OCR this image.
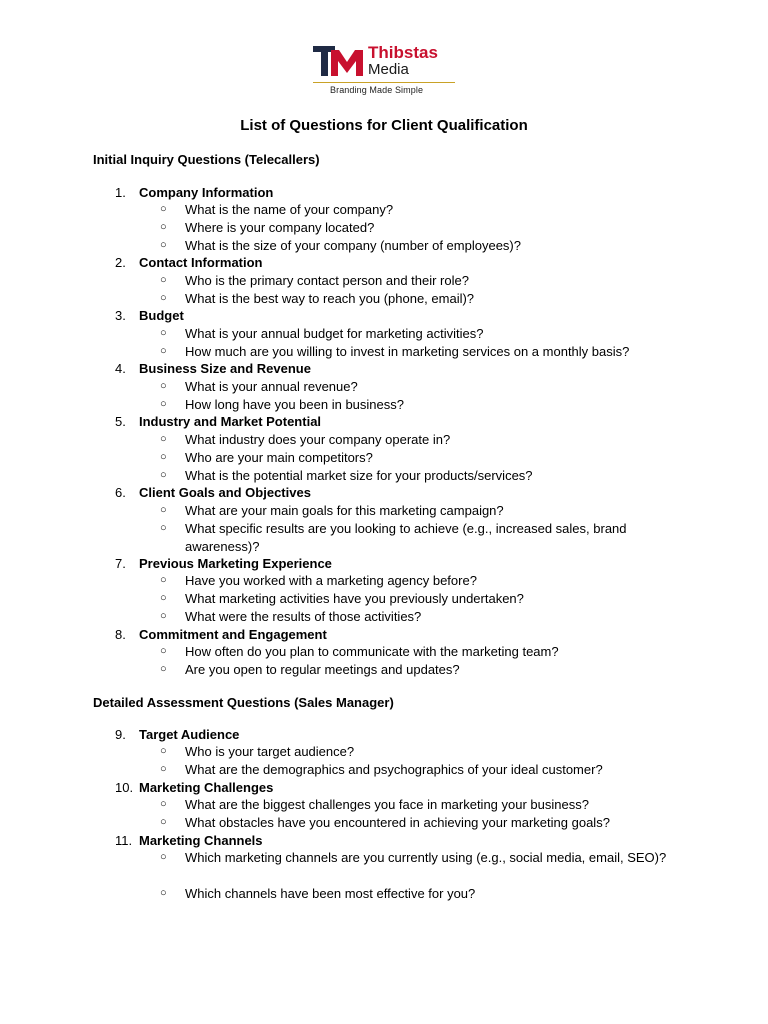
Thibstas
Media
Branding Made Simple
List of Questions for Client Qualification
Initial Inquiry Questions (Telecallers)
1. Company Information
○ What is the name of your company?
○ Where is your company located?
○ What is the size of your company (number of employees)?
2. Contact Information
○ Who is the primary contact person and their role?
○ What is the best way to reach you (phone, email)?
3. Budget
○ What is your annual budget for marketing activities?
○ How much are you willing to invest in marketing services on a monthly basis?
4. Business Size and Revenue
○ What is your annual revenue?
○ How long have you been in business?
5. Industry and Market Potential
○ What industry does your company operate in?
○ Who are your main competitors?
○ What is the potential market size for your products/services?
6. Client Goals and Objectives
○ What are your main goals for this marketing campaign?
○ What specific results are you looking to achieve (e.g., increased sales, brand awareness)?
7. Previous Marketing Experience
○ Have you worked with a marketing agency before?
○ What marketing activities have you previously undertaken?
○ What were the results of those activities?
8. Commitment and Engagement
○ How often do you plan to communicate with the marketing team?
○ Are you open to regular meetings and updates?
Detailed Assessment Questions (Sales Manager)
9. Target Audience
○ Who is your target audience?
○ What are the demographics and psychographics of your ideal customer?
10. Marketing Challenges
○ What are the biggest challenges you face in marketing your business?
○ What obstacles have you encountered in achieving your marketing goals?
11. Marketing Channels
○ Which marketing channels are you currently using (e.g., social media, email, SEO)?
○ Which channels have been most effective for you?
